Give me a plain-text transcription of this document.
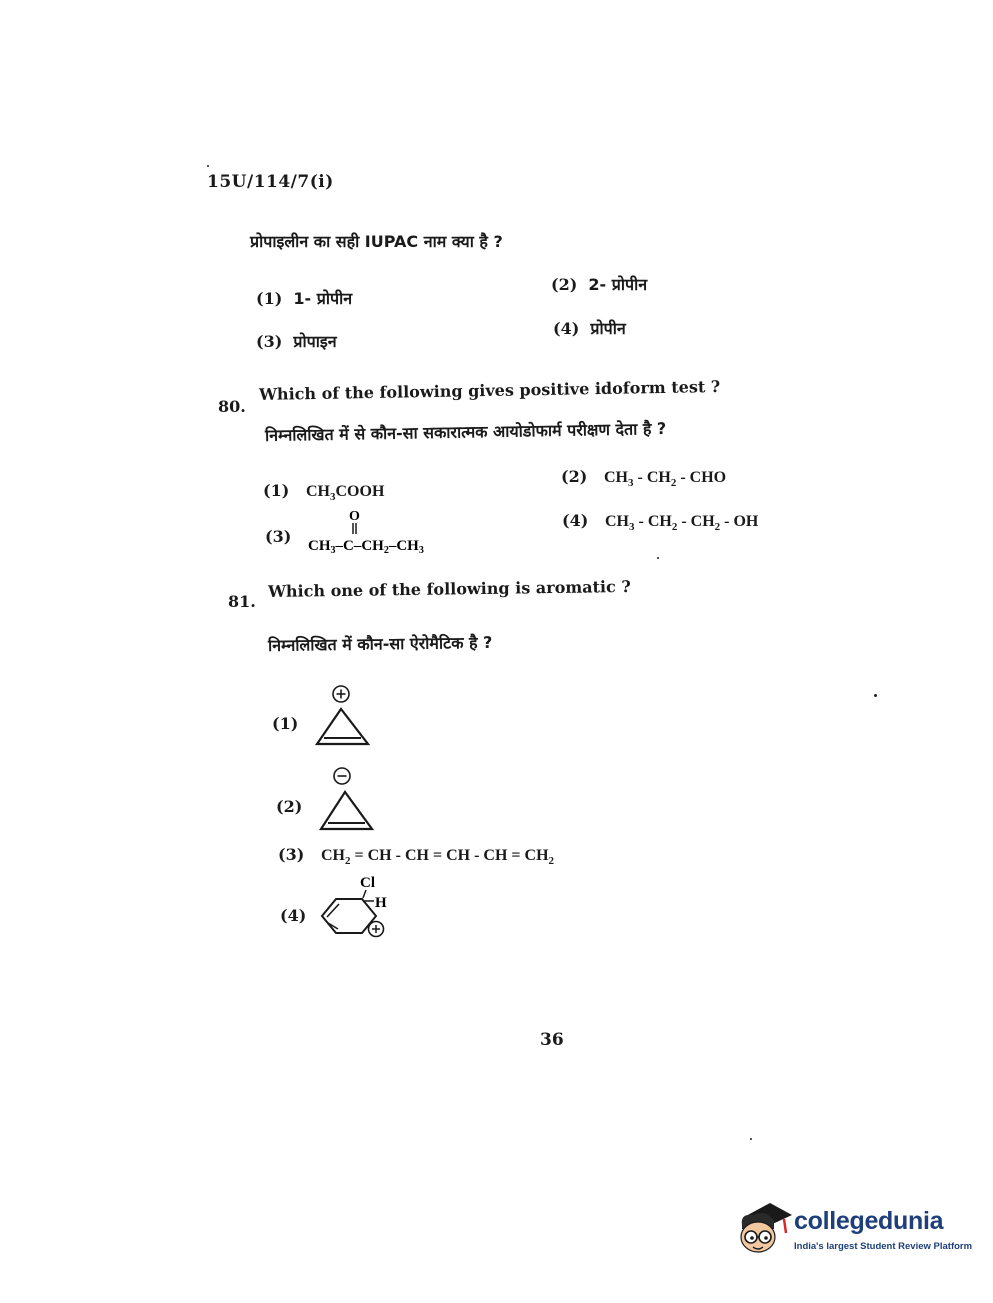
15U/114/7(i)
प्रोपाइलीन का सही IUPAC नाम क्या है ?
(1) 1- प्रोपीन
(2) 2- प्रोपीन
(3) प्रोपाइन
(4) प्रोपीन
80.
Which of the following gives positive idoform test ?
निम्नलिखित में से कौन-सा सकारात्मक आयोडोफार्म परीक्षण देता है ?
(1) $CH_3COOH$
(2) $CH_3 - CH_2$ - CHO
(3)
O
$CH_3-C-CH_2-CH_3$
(4) $CH_3 - CH_2 - CH_2$ - OH
81.
Which one of the following is aromatic ?
निम्नलिखित में कौन-सा ऐरोमैटिक है ?
(1)
(2)
(3) $CH_2$ = CH - CH = CH - CH = $CH_2$
(4)
Cl
H
36
collegedunia
India's largest Student Review Platform
